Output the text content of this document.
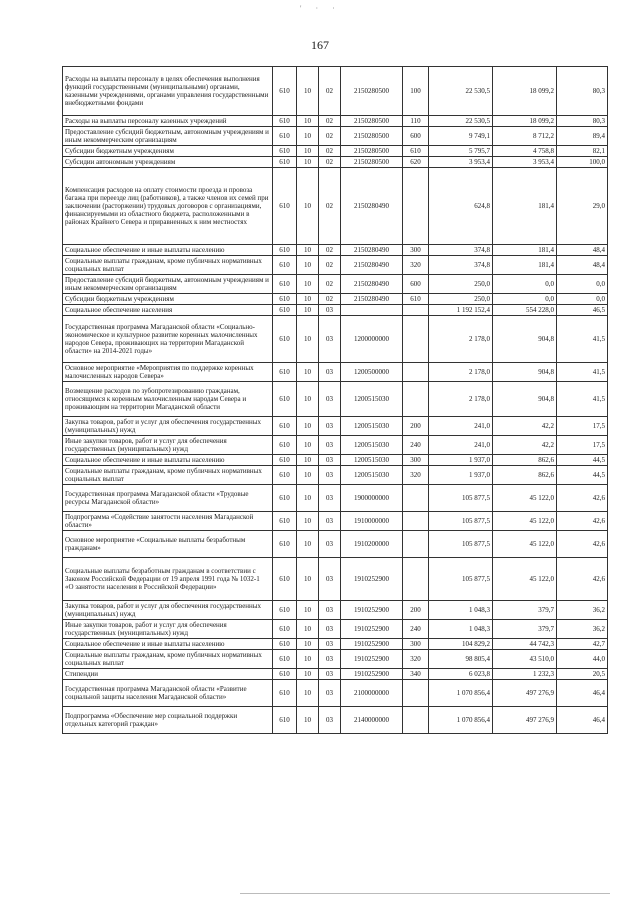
' · ·
167
Расходы на выплаты персоналу в целях обеспечения выполнения функций государственными (муниципальными) органами, казенными учреждениями, органами управления государственными внебюджетными фондами	610	10	02	2150280500	100	22 530,5	18 099,2	80,3
Расходы на выплаты персоналу казенных учреждений	610	10	02	2150280500	110	22 530,5	18 099,2	80,3
Предоставление субсидий бюджетным, автономным учреждениям и иным некоммерческим организациям	610	10	02	2150280500	600	9 749,1	8 712,2	89,4
Субсидии бюджетным учреждениям	610	10	02	2150280500	610	5 795,7	4 758,8	82,1
Субсидии автономным учреждениям	610	10	02	2150280500	620	3 953,4	3 953,4	100,0
Компенсация расходов на оплату стоимости проезда и провоза багажа при переезде лиц (работников), а также членов их семей при заключении (расторжении) трудовых договоров с организациями, финансируемыми из областного бюджета, расположенными в районах Крайнего Севера и приравненных к ним местностях	610	10	02	2150280490		624,8	181,4	29,0
Социальное обеспечение и иные выплаты населению	610	10	02	2150280490	300	374,8	181,4	48,4
Социальные выплаты гражданам, кроме публичных нормативных социальных выплат	610	10	02	2150280490	320	374,8	181,4	48,4
Предоставление субсидий бюджетным, автономным учреждениям и иным некоммерческим организациям	610	10	02	2150280490	600	250,0	0,0	0,0
Субсидии бюджетным учреждениям	610	10	02	2150280490	610	250,0	0,0	0,0
Социальное обеспечение населения	610	10	03			1 192 152,4	554 228,0	46,5
Государственная программа Магаданской области «Социально-экономическое и культурное развитие коренных малочисленных народов Севера, проживающих на территории Магаданской области» на 2014-2021 годы»	610	10	03	1200000000		2 178,0	904,8	41,5
Основное мероприятие «Мероприятия по поддержке коренных малочисленных народов Севера»	610	10	03	1200500000		2 178,0	904,8	41,5
Возмещение расходов по зубопротезированию гражданам, относящимся к коренным малочисленным народам Севера и проживающим на территории Магаданской области	610	10	03	1200515030		2 178,0	904,8	41,5
Закупка товаров, работ и услуг для обеспечения государственных (муниципальных) нужд	610	10	03	1200515030	200	241,0	42,2	17,5
Иные закупки товаров, работ и услуг для обеспечения государственных (муниципальных) нужд	610	10	03	1200515030	240	241,0	42,2	17,5
Социальное обеспечение и иные выплаты населению	610	10	03	1200515030	300	1 937,0	862,6	44,5
Социальные выплаты гражданам, кроме публичных нормативных социальных выплат	610	10	03	1200515030	320	1 937,0	862,6	44,5
Государственная программа Магаданской области «Трудовые ресурсы Магаданской области»	610	10	03	1900000000		105 877,5	45 122,0	42,6
Подпрограмма «Содействие занятости населения Магаданской области»	610	10	03	1910000000		105 877,5	45 122,0	42,6
Основное мероприятие «Социальные выплаты безработным гражданам»	610	10	03	1910200000		105 877,5	45 122,0	42,6
Социальные выплаты безработным гражданам в соответствии с Законом Российской Федерации от 19 апреля 1991 года № 1032-1 «О занятости населения в Российской Федерации»	610	10	03	1910252900		105 877,5	45 122,0	42,6
Закупка товаров, работ и услуг для обеспечения государственных (муниципальных) нужд	610	10	03	1910252900	200	1 048,3	379,7	36,2
Иные закупки товаров, работ и услуг для обеспечения государственных (муниципальных) нужд	610	10	03	1910252900	240	1 048,3	379,7	36,2
Социальное обеспечение и иные выплаты населению	610	10	03	1910252900	300	104 829,2	44 742,3	42,7
Социальные выплаты гражданам, кроме публичных нормативных социальных выплат	610	10	03	1910252900	320	98 805,4	43 510,0	44,0
Стипендии	610	10	03	1910252900	340	6 023,8	1 232,3	20,5
Государственная программа Магаданской области «Развитие социальной защиты населения Магаданской области»	610	10	03	2100000000		1 070 856,4	497 276,9	46,4
Подпрограмма «Обеспечение мер социальной поддержки отдельных категорий граждан»	610	10	03	2140000000		1 070 856,4	497 276,9	46,4
